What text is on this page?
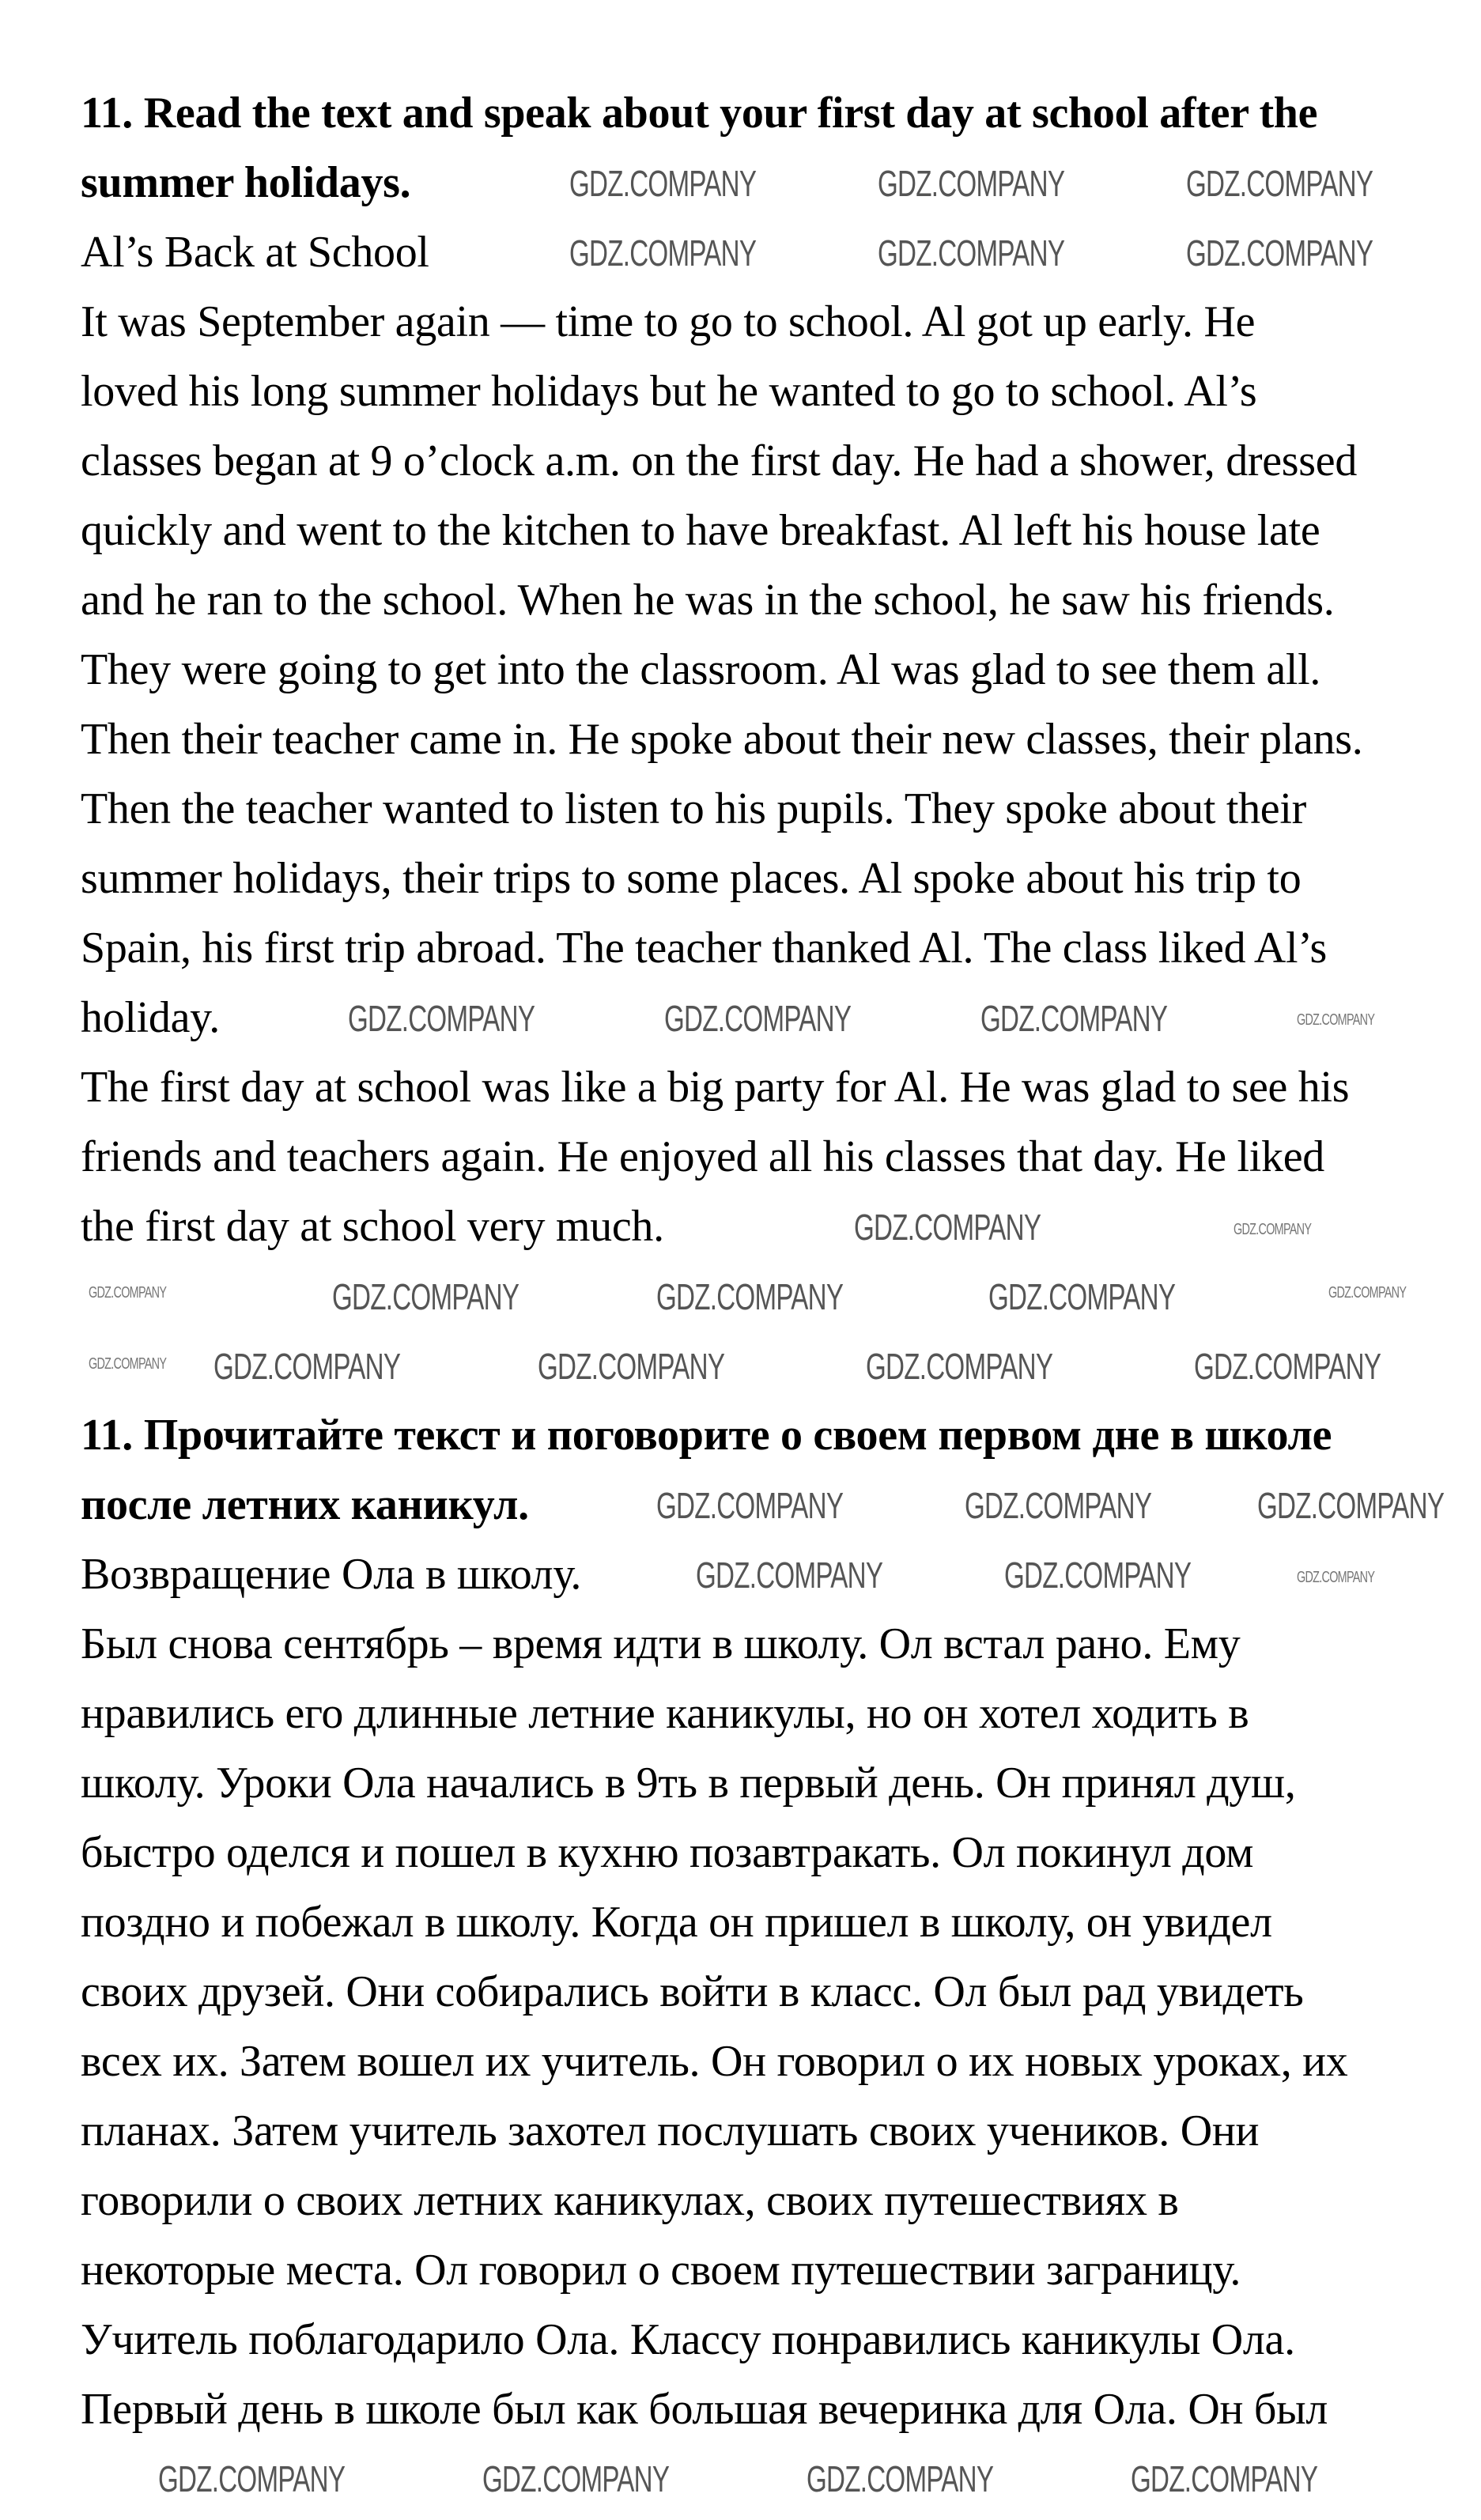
11. Read the text and speak about your first day at school after the
summer holidays.
Al’s Back at School
It was September again — time to go to school. Al got up early. He
loved his long summer holidays but he wanted to go to school. Al’s
classes began at 9 o’clock a.m. on the first day. He had a shower, dressed
quickly and went to the kitchen to have breakfast. Al left his house late
and he ran to the school. When he was in the school, he saw his friends.
They were going to get into the classroom. Al was glad to see them all.
Then their teacher came in. He spoke about their new classes, their plans.
Then the teacher wanted to listen to his pupils. They spoke about their
summer holidays, their trips to some places. Al spoke about his trip to
Spain, his first trip abroad. The teacher thanked Al. The class liked Al’s
holiday.
The first day at school was like a big party for Al. He was glad to see his
friends and teachers again. He enjoyed all his classes that day. He liked
the first day at school very much.
11. Прочитайте текст и поговорите о своем первом дне в школе
после летних каникул.
Возвращение Ола в школу.
Был снова сентябрь – время идти в школу. Ол встал рано. Ему
нравились его длинные летние каникулы, но он хотел ходить в
школу. Уроки Ола начались в 9ть в первый день. Он принял душ,
быстро оделся и пошел в кухню позавтракать. Ол покинул дом
поздно и побежал в школу. Когда он пришел в школу, он увидел
своих друзей. Они собирались войти в класс. Ол был рад увидеть
всех их. Затем вошел их учитель. Он говорил о их новых уроках, их
планах. Затем учитель захотел послушать своих учеников. Они
говорили о своих летних каникулах, своих путешествиях в
некоторые места. Ол говорил о своем путешествии заграницу.
Учитель поблагодарило Ола. Классу понравились каникулы Ола.
Первый день в школе был как большая вечеринка для Ола. Он был
GDZ.COMPANY	GDZ.COMPANY	GDZ.COMPANY
GDZ.COMPANY	GDZ.COMPANY	GDZ.COMPANY
GDZ.COMPANY	GDZ.COMPANY	GDZ.COMPANY	GDZ.COMPANY
GDZ.COMPANY	GDZ.COMPANY
GDZ.COMPANY	GDZ.COMPANY	GDZ.COMPANY	GDZ.COMPANY	GDZ.COMPANY
GDZ.COMPANY GDZ.COMPANY	GDZ.COMPANY	GDZ.COMPANY	GDZ.COMPANY
GDZ.COMPANY	GDZ.COMPANY	GDZ.COMPANY
GDZ.COMPANY	GDZ.COMPANY	GDZ.COMPANY
GDZ.COMPANY	GDZ.COMPANY	GDZ.COMPANY	GDZ.COMPANY
